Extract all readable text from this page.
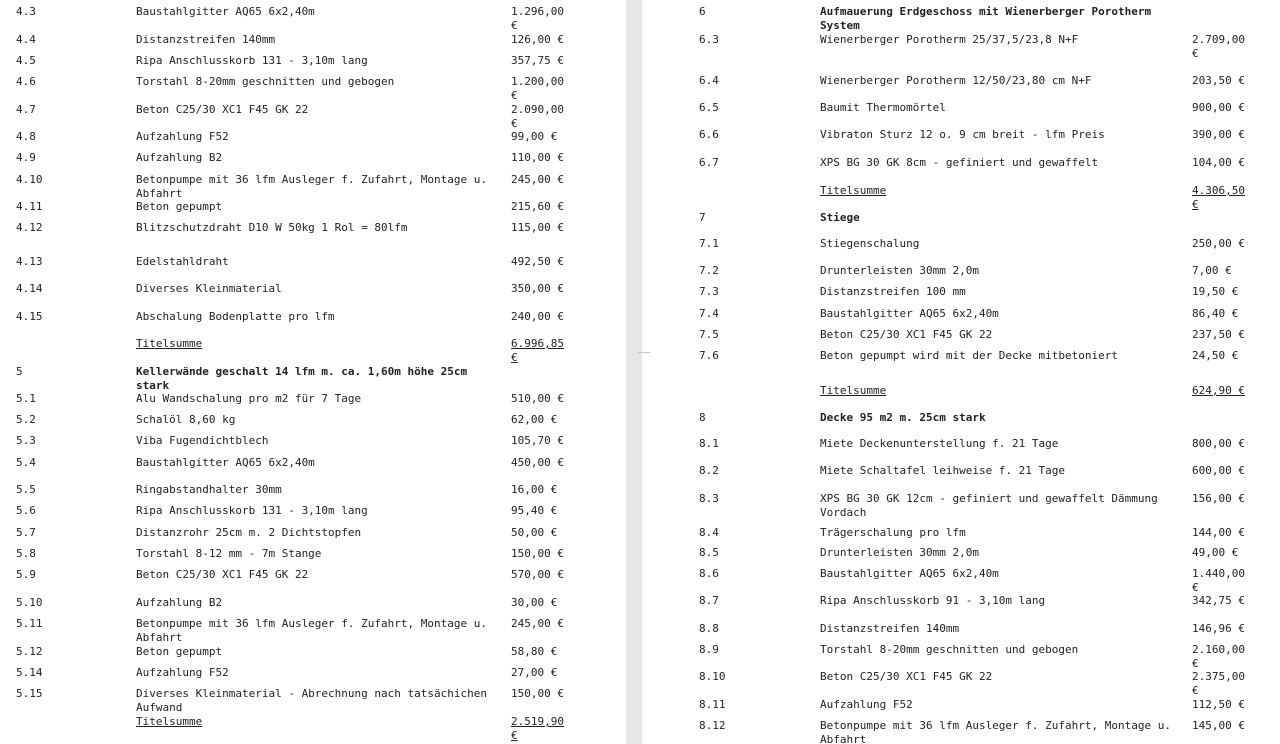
4.3	Baustahlgitter AQ65 6x2,40m	1.296,00 €
4.4	Distanzstreifen 140mm	126,00 €
4.5	Ripa Anschlusskorb 131 - 3,10m lang	357,75 €
4.6	Torstahl 8-20mm geschnitten und gebogen	1.200,00 €
4.7	Beton C25/30 XC1 F45 GK 22	2.090,00 €
4.8	Aufzahlung F52	99,00 €
4.9	Aufzahlung B2	110,00 €
4.10	Betonpumpe mit 36 lfm Ausleger f. Zufahrt, Montage u. Abfahrt
245,00 €
4.11	Beton gepumpt	215,60 €
4.12	Blitzschutzdraht D10 W 50kg 1 Rol = 80lfm	115,00 €
4.13	Edelstahldraht	492,50 €
4.14	Diverses Kleinmaterial	350,00 €
4.15	Abschalung Bodenplatte pro lfm	240,00 €
Titelsumme	6.996,85 €
5	Kellerwände geschalt 14 lfm m. ca. 1,60m höhe 25cm stark
5.1	Alu Wandschalung pro m2 für 7 Tage	510,00 €
5.2	Schalöl 8,60 kg	62,00 €
5.3	Viba Fugendichtblech	105,70 €
5.4	Baustahlgitter AQ65 6x2,40m	450,00 €
5.5	Ringabstandhalter 30mm	16,00 €
5.6	Ripa Anschlusskorb 131 - 3,10m lang	95,40 €
5.7	Distanzrohr 25cm m. 2 Dichtstopfen	50,00 €
5.8	Torstahl 8-12 mm - 7m Stange	150,00 €
5.9	Beton C25/30 XC1 F45 GK 22	570,00 €
5.10	Aufzahlung B2	30,00 €
5.11	Betonpumpe mit 36 lfm Ausleger f. Zufahrt, Montage u. Abfahrt
245,00 €
5.12	Beton gepumpt	58,80 €
5.14	Aufzahlung F52	27,00 €
5.15	Diverses Kleinmaterial - Abrechnung nach tatsächichen Aufwand
150,00 €
Titelsumme	2.519,90 €
6	Aufmauerung Erdgeschoss mit Wienerberger Porotherm System
6.3	Wienerberger Porotherm 25/37,5/23,8 N+F	2.709,00 €
6.4	Wienerberger Porotherm 12/50/23,80 cm N+F	203,50 €
6.5	Baumit Thermomörtel	900,00 €
6.6	Vibraton Sturz 12 o. 9 cm breit - lfm Preis	390,00 €
6.7	XPS BG 30 GK 8cm - gefiniert und gewaffelt	104,00 €
Titelsumme	4.306,50 €
7	Stiege
7.1	Stiegenschalung	250,00 €
7.2	Drunterleisten 30mm 2,0m	7,00 €
7.3	Distanzstreifen 100 mm	19,50 €
7.4	Baustahlgitter AQ65 6x2,40m	86,40 €
7.5	Beton C25/30 XC1 F45 GK 22	237,50 €
7.6	Beton gepumpt wird mit der Decke mitbetoniert	24,50 €
Titelsumme	624,90 €
8	Decke 95 m2 m. 25cm stark
8.1	Miete Deckenunterstellung f. 21 Tage	800,00 €
8.2	Miete Schaltafel leihweise f. 21 Tage	600,00 €
8.3	XPS BG 30 GK 12cm - gefiniert und gewaffelt Dämmung Vordach
156,00 €
8.4	Trägerschalung pro lfm	144,00 €
8.5	Drunterleisten 30mm 2,0m	49,00 €
8.6	Baustahlgitter AQ65 6x2,40m	1.440,00 €
8.7	Ripa Anschlusskorb 91 - 3,10m lang	342,75 €
8.8	Distanzstreifen 140mm	146,96 €
8.9	Torstahl 8-20mm geschnitten und gebogen	2.160,00 €
8.10	Beton C25/30 XC1 F45 GK 22	2.375,00 €
8.11	Aufzahlung F52	112,50 €
8.12	Betonpumpe mit 36 lfm Ausleger f. Zufahrt, Montage u. Abfahrt
145,00 €
